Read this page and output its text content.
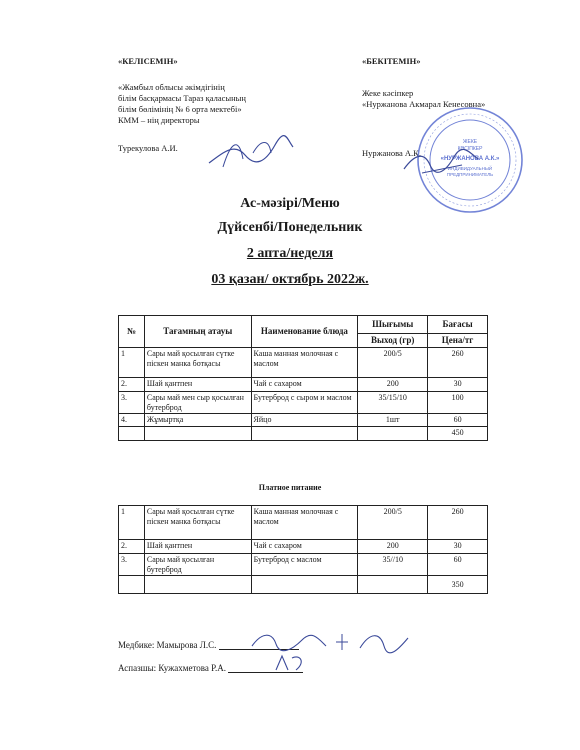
«КЕЛІСЕМІН»
«Жамбыл облысы әкімдігінің
білім басқармасы Тараз қаласының
білім бөлімінің № 6 орта мектебі»
КММ – нің директоры
Турекулова А.И.
«БЕКІТЕМІН»
Жеке кәсіпкер
«Нуржанова Акмарал Кенесовна»
Нуржанова А.К.
ЖЕКЕ
КӘСІПКЕР
«НУРЖАНОВА А.К.»
ИНДИВИДУАЛЬНЫЙ
ПРЕДПРИНИМАТЕЛЬ
Ас-мәзірі/Меню
Дүйсенбі/Понедельник
2 апта/неделя
03 қазан/ октябрь 2022ж.
№	Тағамның атауы	Наименование блюда	Шығымы	Бағасы
			Выход (гр)	Цена/тг
1	Сары май қосылған сүтке піскен манка ботқасы	Каша манная молочная с маслом	200/5	260
2.	Шай қантпен	Чай с сахаром	200	30
3.	Сары май мен сыр қосылған бутерброд	Бутерброд с сыром и маслом	35/15/10	100
4.	Жұмыртқа	Яйцо	1шт	60
				450
Платное питание
1	Сары май қосылған сүтке піскен манка ботқасы	Каша манная молочная с маслом	200/5	260
2.	Шай қантпен	Чай с сахаром	200	30
3.	Сары май қосылған бутерброд	Бутерброд с маслом	35//10	60
				350
Медбике: Мамырова Л.С.
Аспазшы: Кужахметова Р.А.
